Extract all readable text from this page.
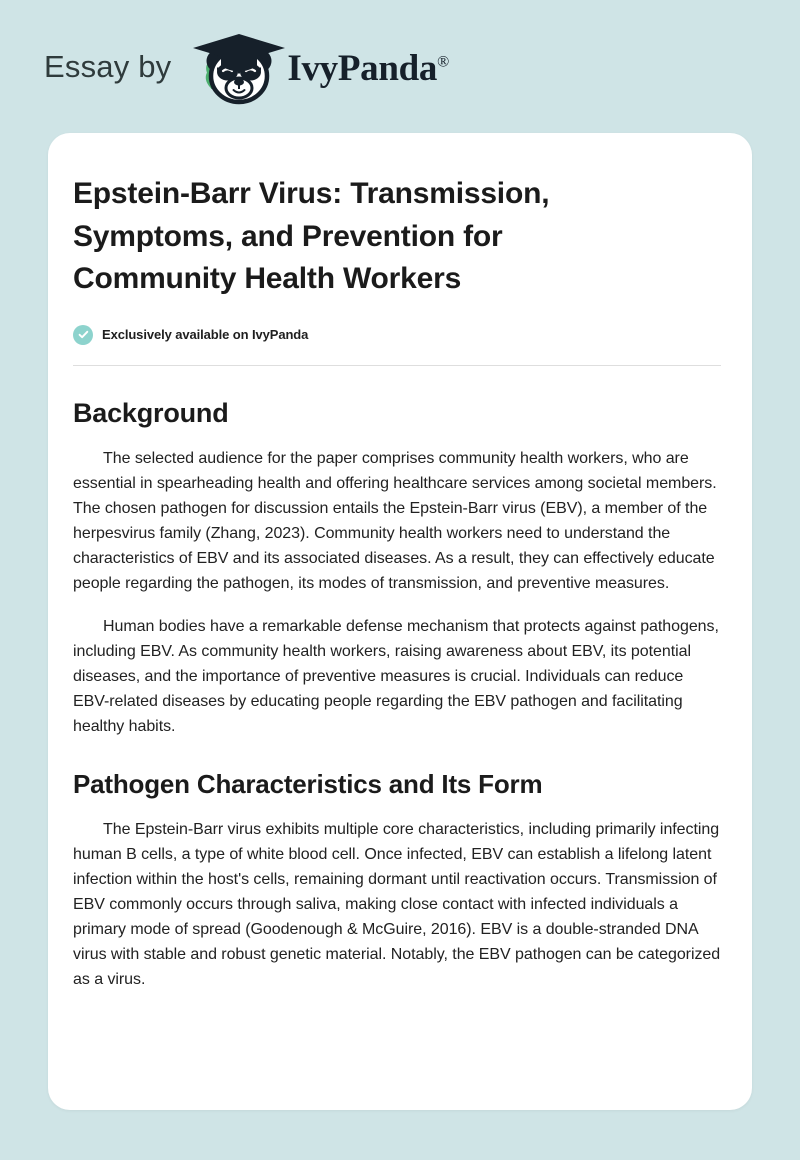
Essay by	IvyPanda®
Epstein-Barr Virus: Transmission, Symptoms, and Prevention for Community Health Workers
Exclusively available on IvyPanda
Background

The selected audience for the paper comprises community health workers, who are essential in spearheading health and offering healthcare services among societal members. The chosen pathogen for discussion entails the Epstein-Barr virus (EBV), a member of the herpesvirus family (Zhang, 2023). Community health workers need to understand the characteristics of EBV and its associated diseases. As a result, they can effectively educate people regarding the pathogen, its modes of transmission, and preventive measures.

Human bodies have a remarkable defense mechanism that protects against pathogens, including EBV. As community health workers, raising awareness about EBV, its potential diseases, and the importance of preventive measures is crucial. Individuals can reduce EBV-related diseases by educating people regarding the EBV pathogen and facilitating healthy habits.

Pathogen Characteristics and Its Form

The Epstein-Barr virus exhibits multiple core characteristics, including primarily infecting human B cells, a type of white blood cell. Once infected, EBV can establish a lifelong latent infection within the host's cells, remaining dormant until reactivation occurs. Transmission of EBV commonly occurs through saliva, making close contact with infected individuals a primary mode of spread (Goodenough & McGuire, 2016). EBV is a double-stranded DNA virus with stable and robust genetic material. Notably, the EBV pathogen can be categorized as a virus.
